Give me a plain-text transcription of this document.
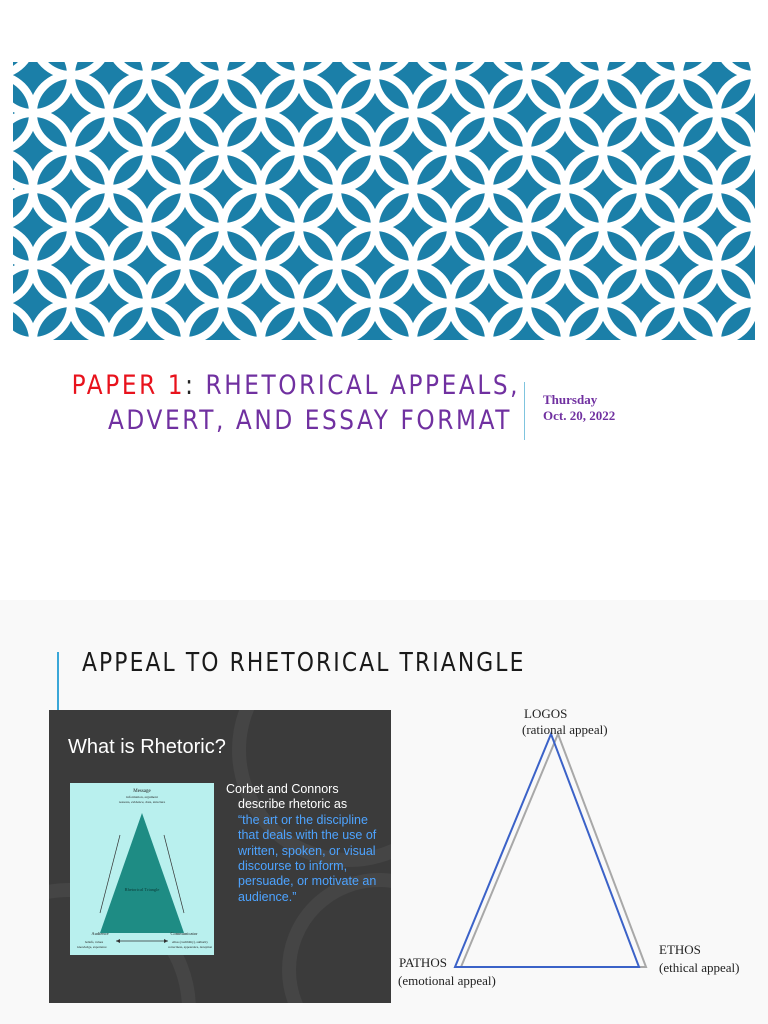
PAPER 1: RHETORICAL APPEALS,
ADVERT, AND ESSAY FORMAT
Thursday
Oct. 20, 2022
APPEAL TO RHETORICAL TRIANGLE
What is Rhetoric?
Message
information, argument
reasons, evidence, data, structure
Rhetorical Triangle
Audience
beliefs, values
knowledge, experience
Communicator
ethos (credibility), authority
correctness, appearance, deception
Corbet and Connors
describe rhetoric as
“the art or the discipline that deals with the use of written, spoken, or visual discourse to inform, persuade, or motivate an audience.”
LOGOS
(rational appeal)
PATHOS
(emotional appeal)
ETHOS
(ethical appeal)
